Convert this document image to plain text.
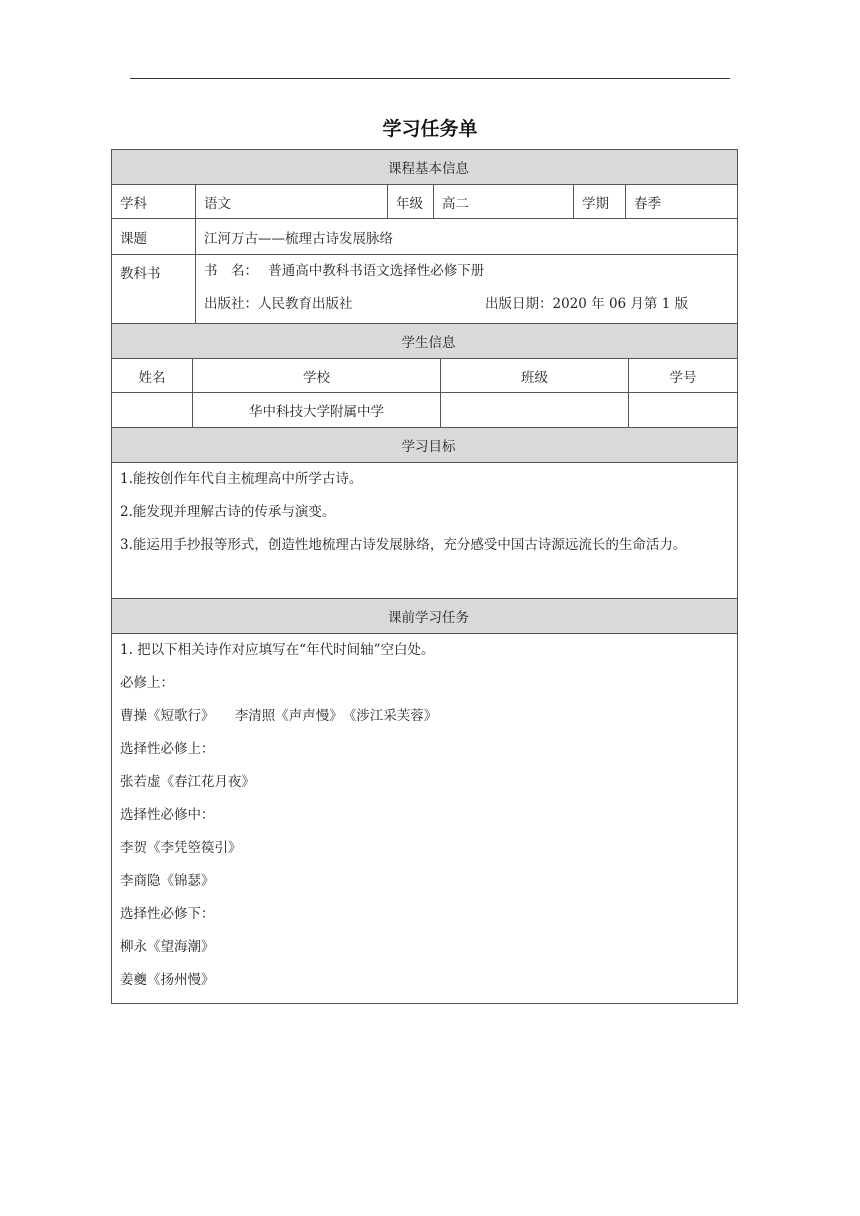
学习任务单
课程基本信息					
学科	语文	年级	高二	学期	春季
课题	江河万古——梳理古诗发展脉络				
教科书	书　名： 普通高中教科书语文选择性必修下册
出版社：人民教育出版社 出版日期：2020 年 06 月第 1 版				
学生信息			
姓名	学校	班级	学号
	华中科技大学附属中学		
学习目标

1.能按创作年代自主梳理高中所学古诗。
2.能发现并理解古诗的传承与演变。
3.能运用手抄报等形式，创造性地梳理古诗发展脉络，充分感受中国古诗源远流长的生命活力。

课前学习任务

1. 把以下相关诗作对应填写在“年代时间轴”空白处。
必修上：
曹操《短歌行》　　李清照《声声慢》　《涉江采芙蓉》
选择性必修上：
张若虚《春江花月夜》
选择性必修中：
李贺《李凭箜篌引》
李商隐《锦瑟》
选择性必修下：
柳永《望海潮》
姜夔《扬州慢》
